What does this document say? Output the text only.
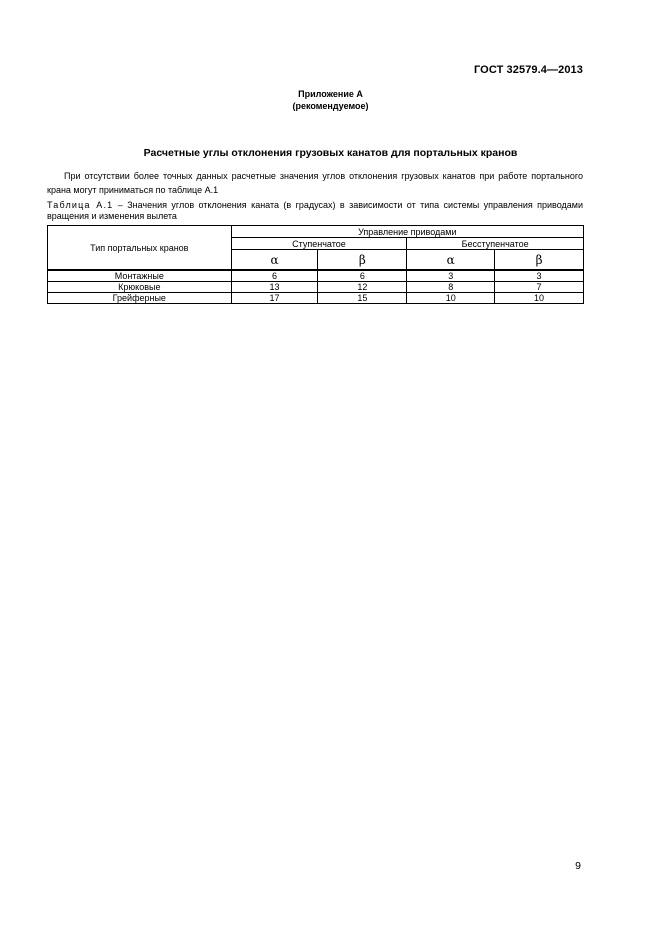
ГОСТ 32579.4—2013
Приложение А
(рекомендуемое)
Расчетные углы отклонения грузовых канатов для портальных кранов
При отсутствии более точных данных расчетные значения углов отклонения грузовых канатов при работе портального крана могут приниматься по таблице А.1
Таблица А.1 – Значения углов отклонения каната (в градусах) в зависимости от типа системы управления приводами вращения и изменения вылета
Тип портальных кранов	Управление приводами			
	Ступенчатое		Бесступенчатое	
	α	β	α	β
Монтажные	6	6	3	3
Крюковые	13	12	8	7
Грейферные	17	15	10	10
9
